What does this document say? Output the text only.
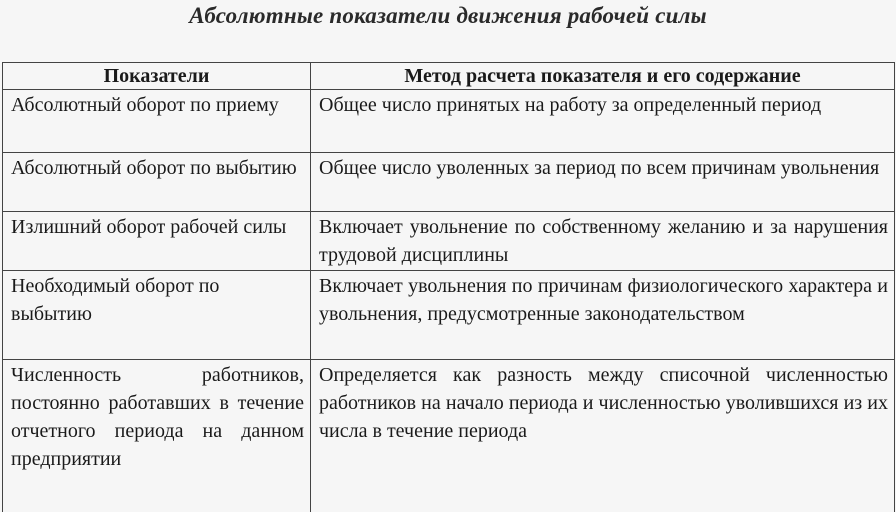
Абсолютные показатели движения рабочей силы
Показатели	Метод расчета показателя и его содержание
Абсолютный оборот по приему	Общее число принятых на работу за определенный период
Абсолютный оборот по выбытию	Общее число уволенных за период по всем причинам увольнения
Излишний оборот рабочей силы	Включает увольнение по собственному желанию и за нарушения трудовой дисциплины
Необходимый оборот по выбытию	Включает увольнения по причинам физиологического характера и увольнения, предусмотренные законодательством
Численность работников, постоянно работавших в течение отчетного периода на данном предприятии	Определяется как разность между списочной численностью работников на начало периода и численностью уволившихся из их числа в течение периода
